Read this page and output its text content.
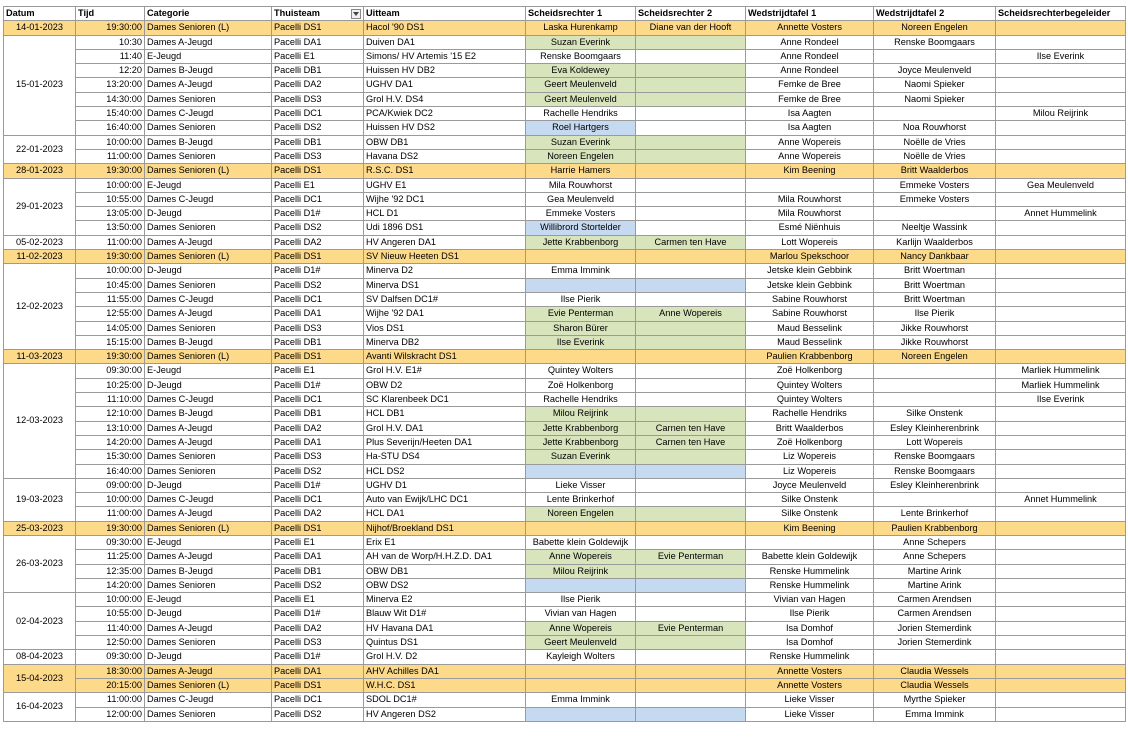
Datum	Tijd	Categorie	Thuisteam	Uitteam	Scheidsrechter 1	Scheidsrechter 2	Wedstrijdtafel 1	Wedstrijdtafel 2	Scheidsrechterbegeleider
14-01-2023	19:30:00	Dames Senioren (L)	Pacelli DS1	Hacol '90 DS1	Laska Hurenkamp	Diane van der Hooft	Annette Vosters	Noreen Engelen	
15-01-2023	10:30	Dames A-Jeugd	Pacelli DA1	Duiven DA1	Suzan Everink		Anne Rondeel	Renske Boomgaars	
	11:40	E-Jeugd	Pacelli E1	Simons/ HV Artemis '15 E2	Renske Boomgaars		Anne Rondeel		Ilse Everink
	12:20	Dames B-Jeugd	Pacelli DB1	Huissen HV DB2	Eva Koldewey		Anne Rondeel	Joyce Meulenveld	
	13:20:00	Dames A-Jeugd	Pacelli DA2	UGHV DA1	Geert Meulenveld		Femke de Bree	Naomi Spieker	
	14:30:00	Dames Senioren	Pacelli DS3	Grol H.V. DS4	Geert Meulenveld		Femke de Bree	Naomi Spieker	
	15:40:00	Dames C-Jeugd	Pacelli DC1	PCA/Kwiek DC2	Rachelle Hendriks		Isa Aagten		Milou Reijrink
	16:40:00	Dames Senioren	Pacelli DS2	Huissen HV DS2	Roel Hartgers		Isa Aagten	Noa Rouwhorst	
22-01-2023	10:00:00	Dames B-Jeugd	Pacelli DB1	OBW DB1	Suzan Everink		Anne Wopereis	Noëlle de Vries	
	11:00:00	Dames Senioren	Pacelli DS3	Havana DS2	Noreen Engelen		Anne Wopereis	Noëlle de Vries	
28-01-2023	19:30:00	Dames Senioren (L)	Pacelli DS1	R.S.C. DS1	Harrie Hamers		Kim Beening	Britt Waalderbos	
29-01-2023	10:00:00	E-Jeugd	Pacelli E1	UGHV E1	Mila Rouwhorst			Emmeke Vosters	Gea Meulenveld
	10:55:00	Dames C-Jeugd	Pacelli DC1	Wijhe '92 DC1	Gea Meulenveld		Mila Rouwhorst	Emmeke Vosters	
	13:05:00	D-Jeugd	Pacelli D1#	HCL D1	Emmeke Vosters		Mila Rouwhorst		Annet Hummelink
	13:50:00	Dames Senioren	Pacelli DS2	Udi 1896 DS1	Willibrord Stortelder		Esmé Niënhuis	Neeltje Wassink	
05-02-2023	11:00:00	Dames A-Jeugd	Pacelli DA2	HV Angeren DA1	Jette Krabbenborg	Carmen ten Have	Lott Wopereis	Karlijn Waalderbos	
11-02-2023	19:30:00	Dames Senioren (L)	Pacelli DS1	SV Nieuw Heeten DS1			Marlou Spekschoor	Nancy Dankbaar	
12-02-2023	10:00:00	D-Jeugd	Pacelli D1#	Minerva D2	Emma Immink		Jetske klein Gebbink	Britt Woertman	
	10:45:00	Dames Senioren	Pacelli DS2	Minerva DS1			Jetske klein Gebbink	Britt Woertman	
	11:55:00	Dames C-Jeugd	Pacelli DC1	SV Dalfsen DC1#	Ilse Pierik		Sabine Rouwhorst	Britt Woertman	
	12:55:00	Dames A-Jeugd	Pacelli DA1	Wijhe '92 DA1	Evie Penterman	Anne Wopereis	Sabine Rouwhorst	Ilse Pierik	
	14:05:00	Dames Senioren	Pacelli DS3	Vios DS1	Sharon Bürer		Maud Besselink	Jikke Rouwhorst	
	15:15:00	Dames B-Jeugd	Pacelli DB1	Minerva DB2	Ilse Everink		Maud Besselink	Jikke Rouwhorst	
11-03-2023	19:30:00	Dames Senioren (L)	Pacelli DS1	Avanti Wilskracht DS1			Paulien Krabbenborg	Noreen Engelen	
12-03-2023	09:30:00	E-Jeugd	Pacelli E1	Grol H.V. E1#	Quintey Wolters		Zoë Holkenborg		Marliek Hummelink
	10:25:00	D-Jeugd	Pacelli D1#	OBW D2	Zoë Holkenborg		Quintey Wolters		Marliek Hummelink
	11:10:00	Dames C-Jeugd	Pacelli DC1	SC Klarenbeek DC1	Rachelle Hendriks		Quintey Wolters		Ilse Everink
	12:10:00	Dames B-Jeugd	Pacelli DB1	HCL DB1	Milou Reijrink		Rachelle Hendriks	Silke Onstenk	
	13:10:00	Dames A-Jeugd	Pacelli DA2	Grol H.V. DA1	Jette Krabbenborg	Carnen ten Have	Britt Waalderbos	Esley Kleinherenbrink	
	14:20:00	Dames A-Jeugd	Pacelli DA1	Plus Severijn/Heeten DA1	Jette Krabbenborg	Carnen ten Have	Zoë Holkenborg	Lott Wopereis	
	15:30:00	Dames Senioren	Pacelli DS3	Ha-STU DS4	Suzan Everink		Liz Wopereis	Renske Boomgaars	
	16:40:00	Dames Senioren	Pacelli DS2	HCL DS2			Liz Wopereis	Renske Boomgaars	
19-03-2023	09:00:00	D-Jeugd	Pacelli D1#	UGHV D1	Lieke Visser		Joyce Meulenveld	Esley Kleinherenbrink	
	10:00:00	Dames C-Jeugd	Pacelli DC1	Auto van Ewijk/LHC DC1	Lente Brinkerhof		Silke Onstenk		Annet Hummelink
	11:00:00	Dames A-Jeugd	Pacelli DA2	HCL DA1	Noreen Engelen		Silke Onstenk	Lente Brinkerhof	
25-03-2023	19:30:00	Dames Senioren (L)	Pacelli DS1	Nijhof/Broekland DS1			Kim Beening	Paulien Krabbenborg	
26-03-2023	09:30:00	E-Jeugd	Pacelli E1	Erix E1	Babette klein Goldewijk			Anne Schepers	
	11:25:00	Dames A-Jeugd	Pacelli DA1	AH van de Worp/H.H.Z.D. DA1	Anne Wopereis	Evie Penterman	Babette klein Goldewijk	Anne Schepers	
	12:35:00	Dames B-Jeugd	Pacelli DB1	OBW DB1	Milou Reijrink		Renske Hummelink	Martine Arink	
	14:20:00	Dames Senioren	Pacelli DS2	OBW DS2			Renske Hummelink	Martine Arink	
02-04-2023	10:00:00	E-Jeugd	Pacelli E1	Minerva E2	Ilse Pierik		Vivian van Hagen	Carmen Arendsen	
	10:55:00	D-Jeugd	Pacelli D1#	Blauw Wit D1#	Vivian van Hagen		Ilse Pierik	Carmen Arendsen	
	11:40:00	Dames A-Jeugd	Pacelli DA2	HV Havana DA1	Anne Wopereis	Evie Penterman	Isa Domhof	Jorien Stemerdink	
	12:50:00	Dames Senioren	Pacelli DS3	Quintus DS1	Geert Meulenveld		Isa Domhof	Jorien Stemerdink	
08-04-2023	09:30:00	D-Jeugd	Pacelli D1#	Grol H.V. D2	Kayleigh Wolters		Renske Hummelink		
15-04-2023	18:30:00	Dames A-Jeugd	Pacelli DA1	AHV Achilles DA1			Annette Vosters	Claudia Wessels	
	20:15:00	Dames Senioren (L)	Pacelli DS1	W.H.C. DS1			Annette Vosters	Claudia Wessels	
16-04-2023	11:00:00	Dames C-Jeugd	Pacelli DC1	SDOL DC1#	Emma Immink		Lieke Visser	Myrthe Spieker	
	12:00:00	Dames Senioren	Pacelli DS2	HV Angeren DS2			Lieke Visser	Emma Immink	
